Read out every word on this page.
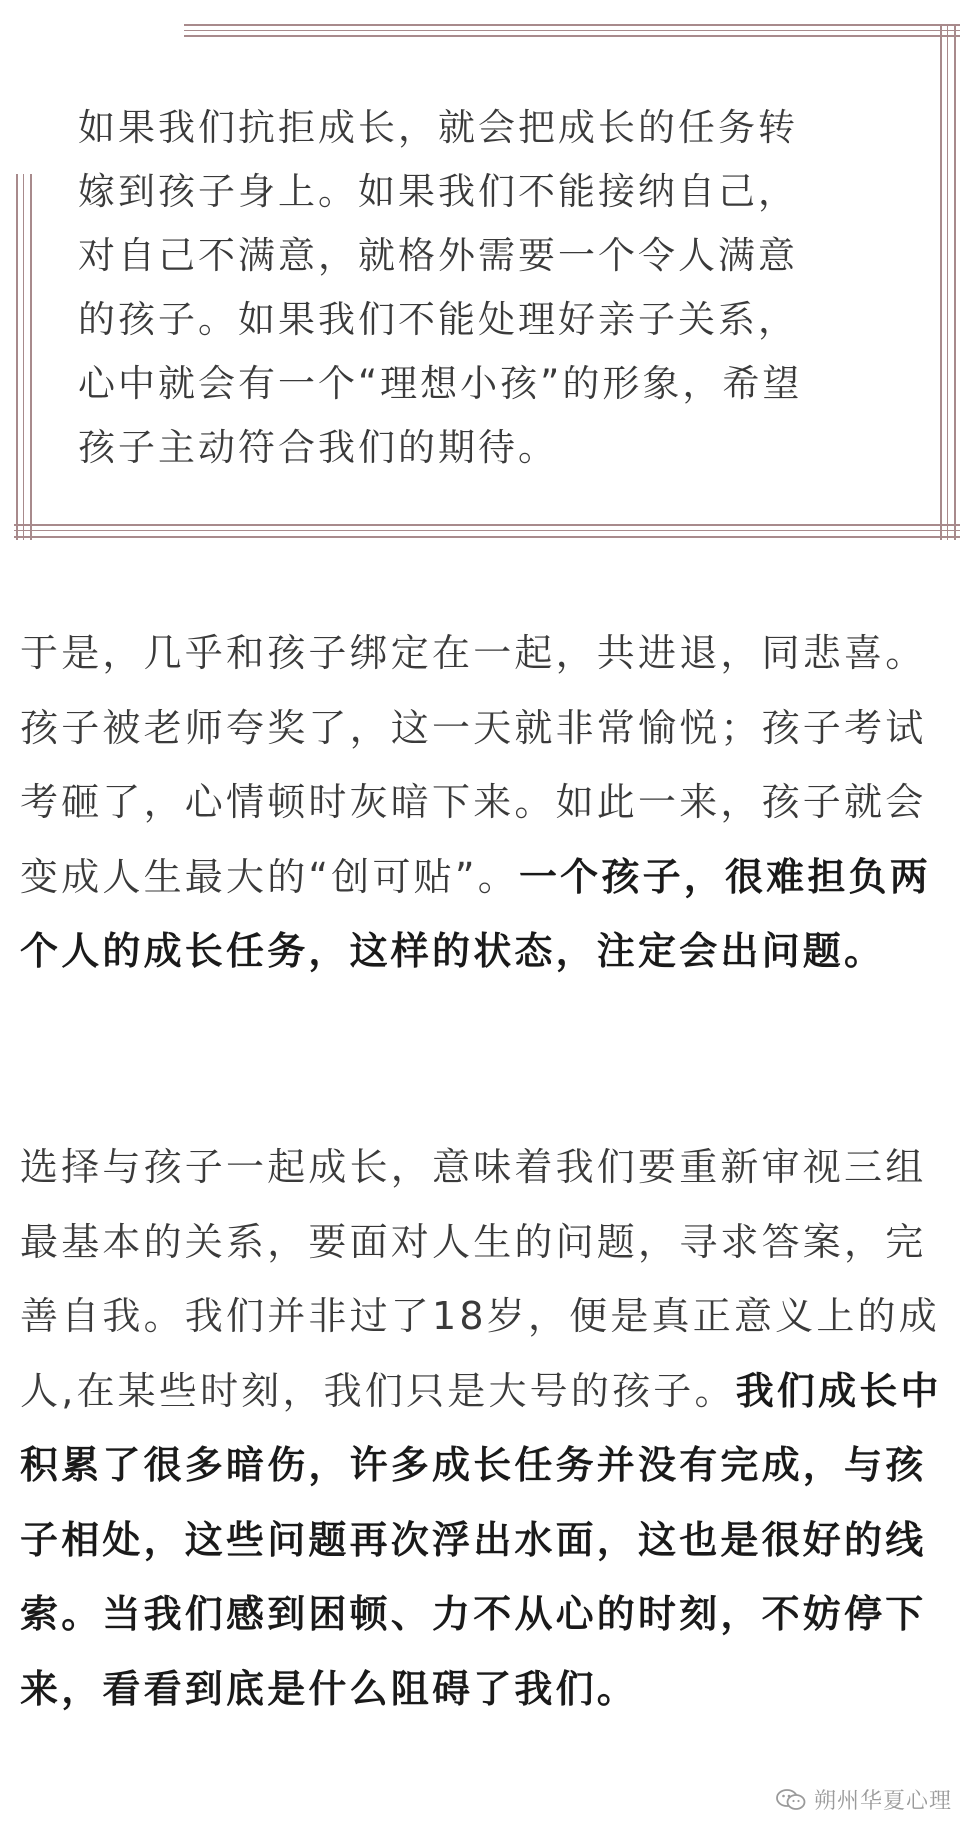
如果我们抗拒成长，就会把成长的任务转

嫁到孩子身上。如果我们不能接纳自己，

对自己不满意，就格外需要一个令人满意

的孩子。如果我们不能处理好亲子关系，

心中就会有一个“理想小孩”的形象，希望

孩子主动符合我们的期待。

于是，几乎和孩子绑定在一起，共进退，同悲喜。孩子被老师夸奖了，这一天就非常愉悦；孩子考试考砸了，心情顿时灰暗下来。如此一来，孩子就会变成人生最大的“创可贴”。一个孩子，很难担负两个人的成长任务，这样的状态，注定会出问题。

选择与孩子一起成长，意味着我们要重新审视三组最基本的关系，要面对人生的问题，寻求答案，完善自我。我们并非过了18岁，便是真正意义上的成人,在某些时刻，我们只是大号的孩子。我们成长中积累了很多暗伤，许多成长任务并没有完成，与孩子相处，这些问题再次浮出水面，这也是很好的线索。当我们感到困顿、力不从心的时刻，不妨停下来，看看到底是什么阻碍了我们。

朔州华夏心理
